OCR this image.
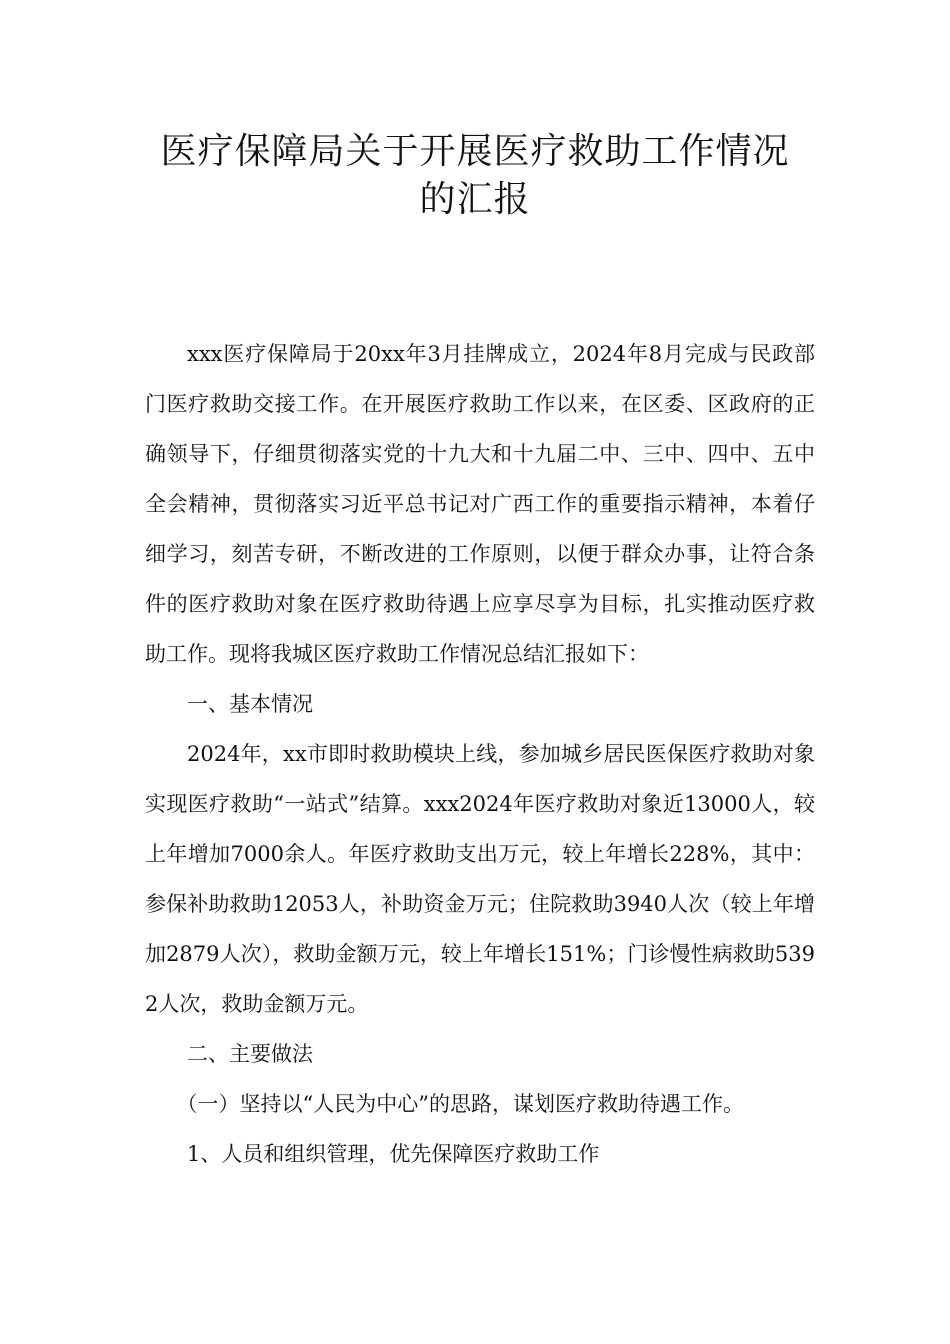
医疗保障局关于开展医疗救助工作情况
的汇报

xxx医疗保障局于20xx年3月挂牌成立，2024年8月完成与民政部门医疗救助交接工作。在开展医疗救助工作以来，在区委、区政府的正确领导下，仔细贯彻落实党的十九大和十九届二中、三中、四中、五中全会精神，贯彻落实习近平总书记对广西工作的重要指示精神，本着仔细学习，刻苦专研，不断改进的工作原则，以便于群众办事，让符合条件的医疗救助对象在医疗救助待遇上应享尽享为目标，扎实推动医疗救助工作。现将我城区医疗救助工作情况总结汇报如下：

一、基本情况

2024年，xx市即时救助模块上线，参加城乡居民医保医疗救助对象实现医疗救助“一站式”结算。xxx2024年医疗救助对象近13000人，较上年增加7000余人。年医疗救助支出万元，较上年增长228%，其中：参保补助救助12053人，补助资金万元；住院救助3940人次（较上年增加2879人次），救助金额万元，较上年增长151%；门诊慢性病救助5392人次，救助金额万元。

二、主要做法

（一）坚持以“人民为中心”的思路，谋划医疗救助待遇工作。

1、人员和组织管理，优先保障医疗救助工作
